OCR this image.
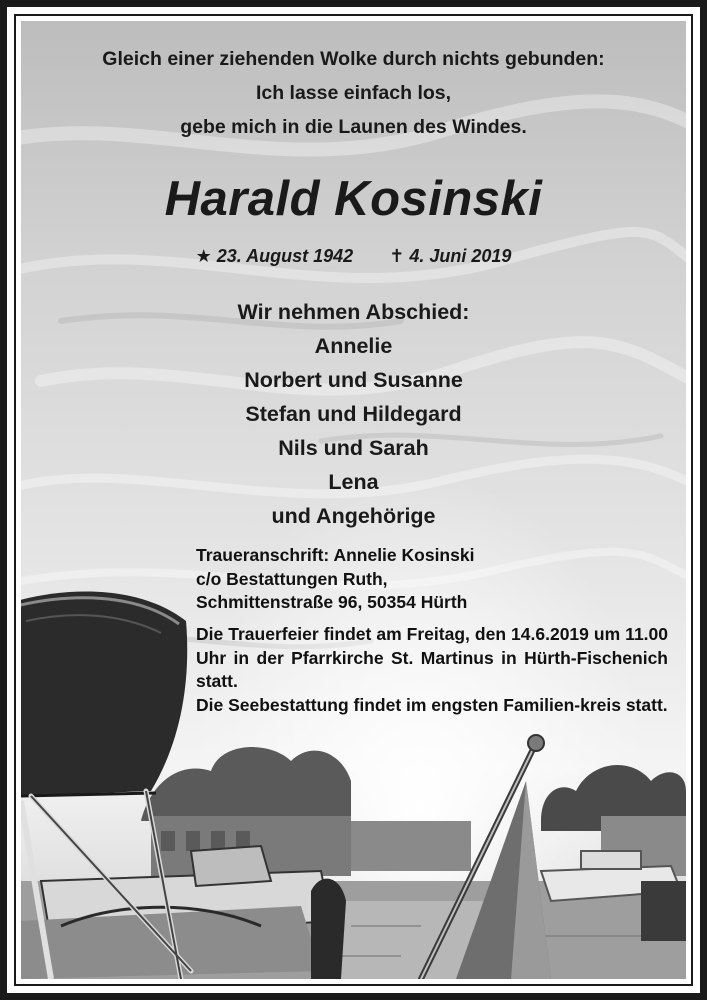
Gleich einer ziehenden Wolke durch nichts gebunden:
Ich lasse einfach los,
gebe mich in die Launen des Windes.
Harald Kosinski
★ 23. August 1942 ✝ 4. Juni 2019
Wir nehmen Abschied:
Annelie
Norbert und Susanne
Stefan und Hildegard
Nils und Sarah
Lena
und Angehörige
Traueranschrift: Annelie Kosinski
c/o Bestattungen Ruth,
Schmittenstraße 96, 50354 Hürth

Die Trauerfeier findet am Freitag, den 14.6.2019 um 11.00 Uhr in der Pfarrkirche St. Martinus in Hürth-Fischenich statt.

Die Seebestattung findet im engsten Familien-kreis statt.
